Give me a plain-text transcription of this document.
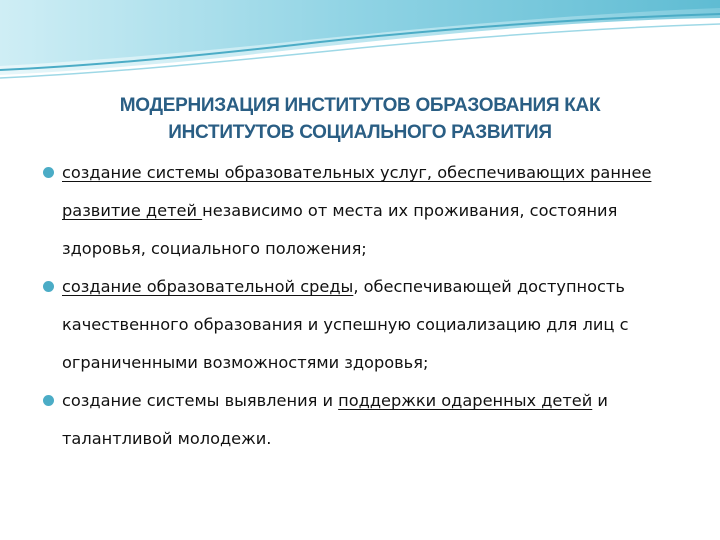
МОДЕРНИЗАЦИЯ ИНСТИТУТОВ ОБРАЗОВАНИЯ КАК
ИНСТИТУТОВ СОЦИАЛЬНОГО РАЗВИТИЯ
создание системы образовательных услуг, обеспечивающих раннее развитие детей независимо от места их проживания, состояния здоровья, социального положения;
создание образовательной среды, обеспечивающей доступность качественного образования и успешную социализацию для лиц с ограниченными возможностями здоровья;
создание системы выявления и поддержки одаренных детей и талантливой молодежи.
